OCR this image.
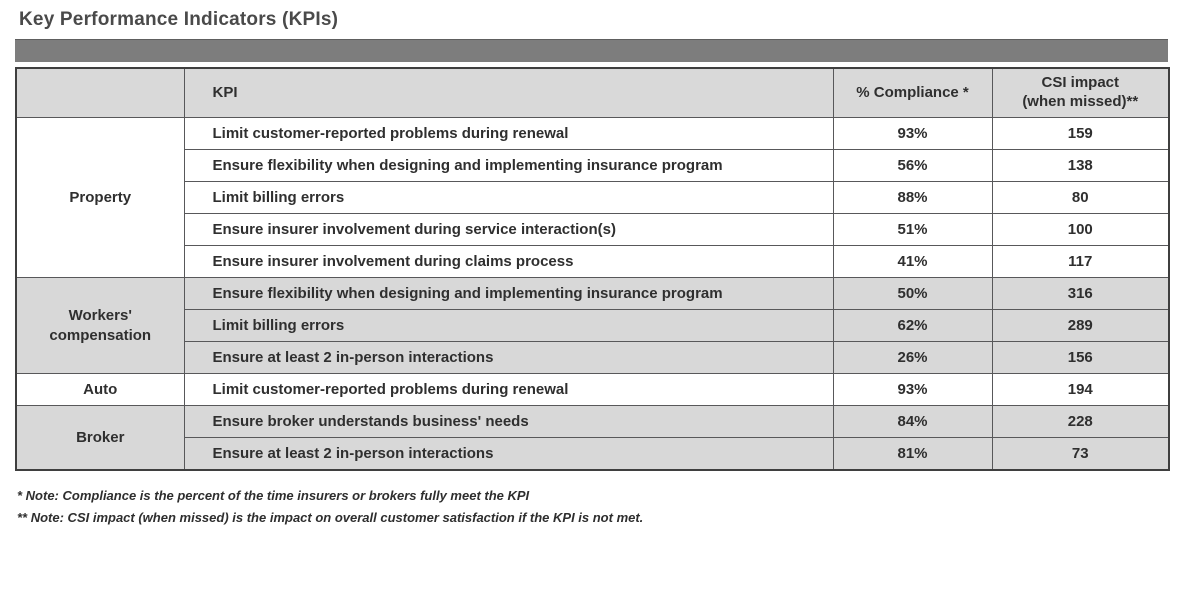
Key Performance Indicators (KPIs)
	KPI	% Compliance *	CSI impact
(when missed)**
Property	Limit customer-reported problems during renewal	93%	159
	Ensure flexibility when designing and implementing insurance program	56%	138
	Limit billing errors	88%	80
	Ensure insurer involvement during service interaction(s)	51%	100
	Ensure insurer involvement during claims process	41%	117
Workers' compensation	Ensure flexibility when designing and implementing insurance program	50%	316
	Limit billing errors	62%	289
	Ensure at least 2 in-person interactions	26%	156
Auto	Limit customer-reported problems during renewal	93%	194
Broker	Ensure broker understands business' needs	84%	228
	Ensure at least 2 in-person interactions	81%	73

* Note: Compliance is the percent of the time insurers or brokers fully meet the KPI

** Note: CSI impact (when missed) is the impact on overall customer satisfaction if the KPI is not met.
